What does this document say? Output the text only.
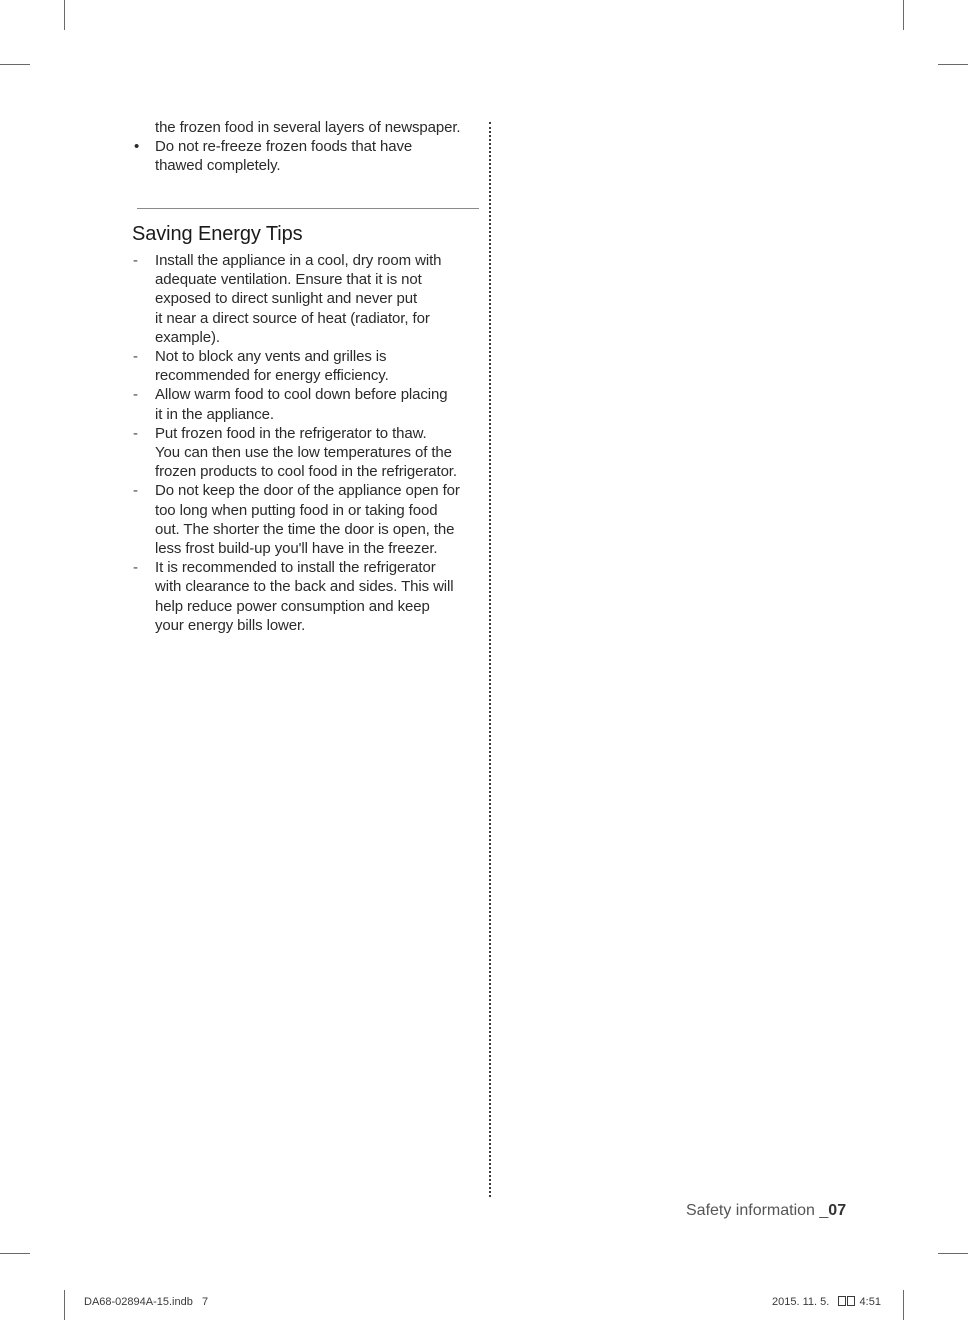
the frozen food in several layers of newspaper.
•	Do not re-freeze frozen foods that have
thawed completely.
Saving Energy Tips
-	Install the appliance in a cool, dry room with
adequate ventilation. Ensure that it is not
exposed to direct sunlight and never put
it near a direct source of heat (radiator, for
example).
-	Not to block any vents and grilles is
recommended for energy efficiency.
-	Allow warm food to cool down before placing
it in the appliance.
-	Put frozen food in the refrigerator to thaw.
You can then use the low temperatures of the
frozen products to cool food in the refrigerator.
-	Do not keep the door of the appliance open for
too long when putting food in or taking food
out. The shorter the time the door is open, the
less frost build-up you'll have in the freezer.
-	It is recommended to install the refrigerator
with clearance to the back and sides. This will
help reduce power consumption and keep
your energy bills lower.
Safety information _07
DA68-02894A-15.indb   7	2015. 11. 5.	4:51
